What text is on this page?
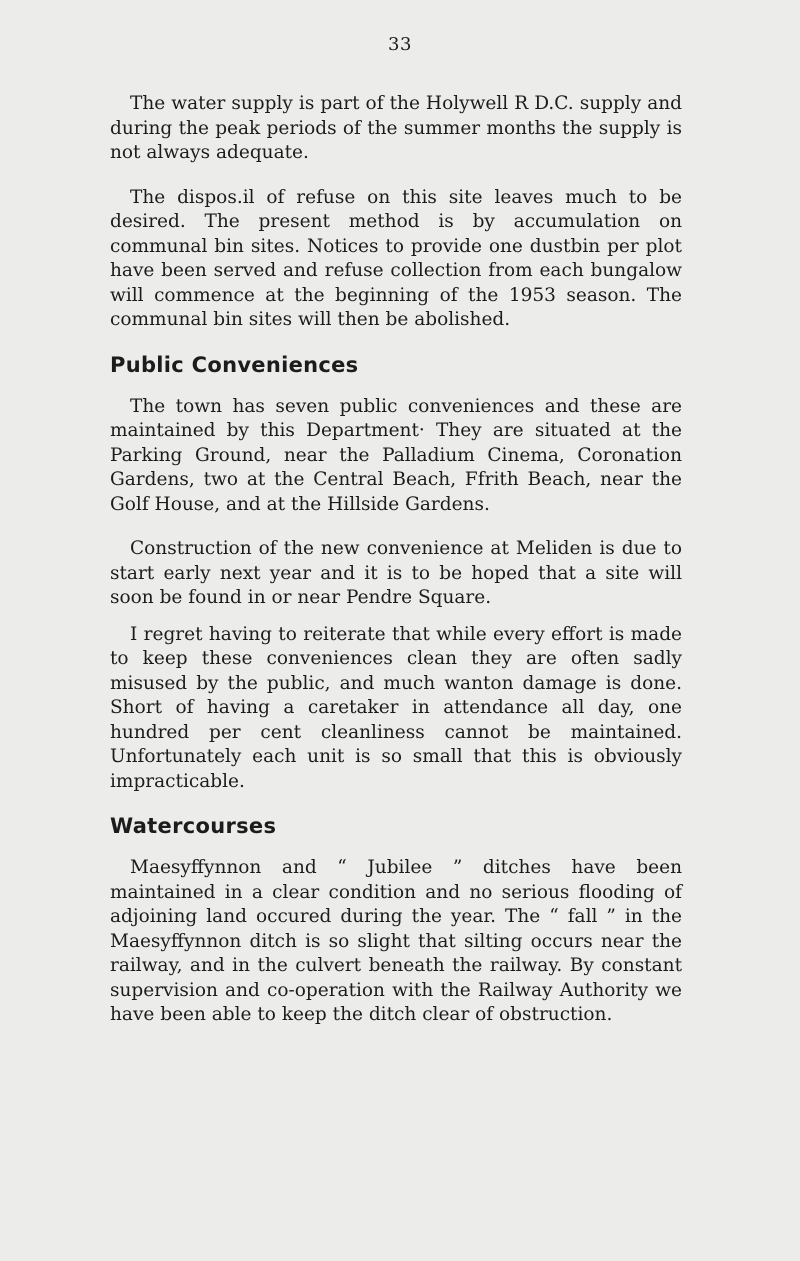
33

The water supply is part of the Holywell R D.C. supply and during the peak periods of the summer months the supply is not always adequate.

The dispos.il of refuse on this site leaves much to be desired. The present method is by accumulation on communal bin sites. Notices to provide one dustbin per plot have been served and refuse collection from each bungalow will commence at the beginning of the 1953 season. The communal bin sites will then be abolished.

Public Conveniences

The town has seven public conveniences and these are maintained by this Department· They are situated at the Parking Ground, near the Palladium Cinema, Coronation Gardens, two at the Central Beach, Ffrith Beach, near the Golf House, and at the Hillside Gardens.

Construction of the new convenience at Meliden is due to start early next year and it is to be hoped that a site will soon be found in or near Pendre Square.

I regret having to reiterate that while every effort is made to keep these conveniences clean they are often sadly misused by the public, and much wanton damage is done. Short of having a caretaker in attendance all day, one hundred per cent cleanliness cannot be maintained. Unfortunately each unit is so small that this is obviously impracticable.

Watercourses

Maesyffynnon and “ Jubilee ” ditches have been maintained in a clear condition and no serious flooding of adjoining land occured during the year. The “ fall ” in the Maesyffynnon ditch is so slight that silting occurs near the railway, and in the culvert beneath the railway. By constant supervision and co-operation with the Railway Authority we have been able to keep the ditch clear of obstruction.
